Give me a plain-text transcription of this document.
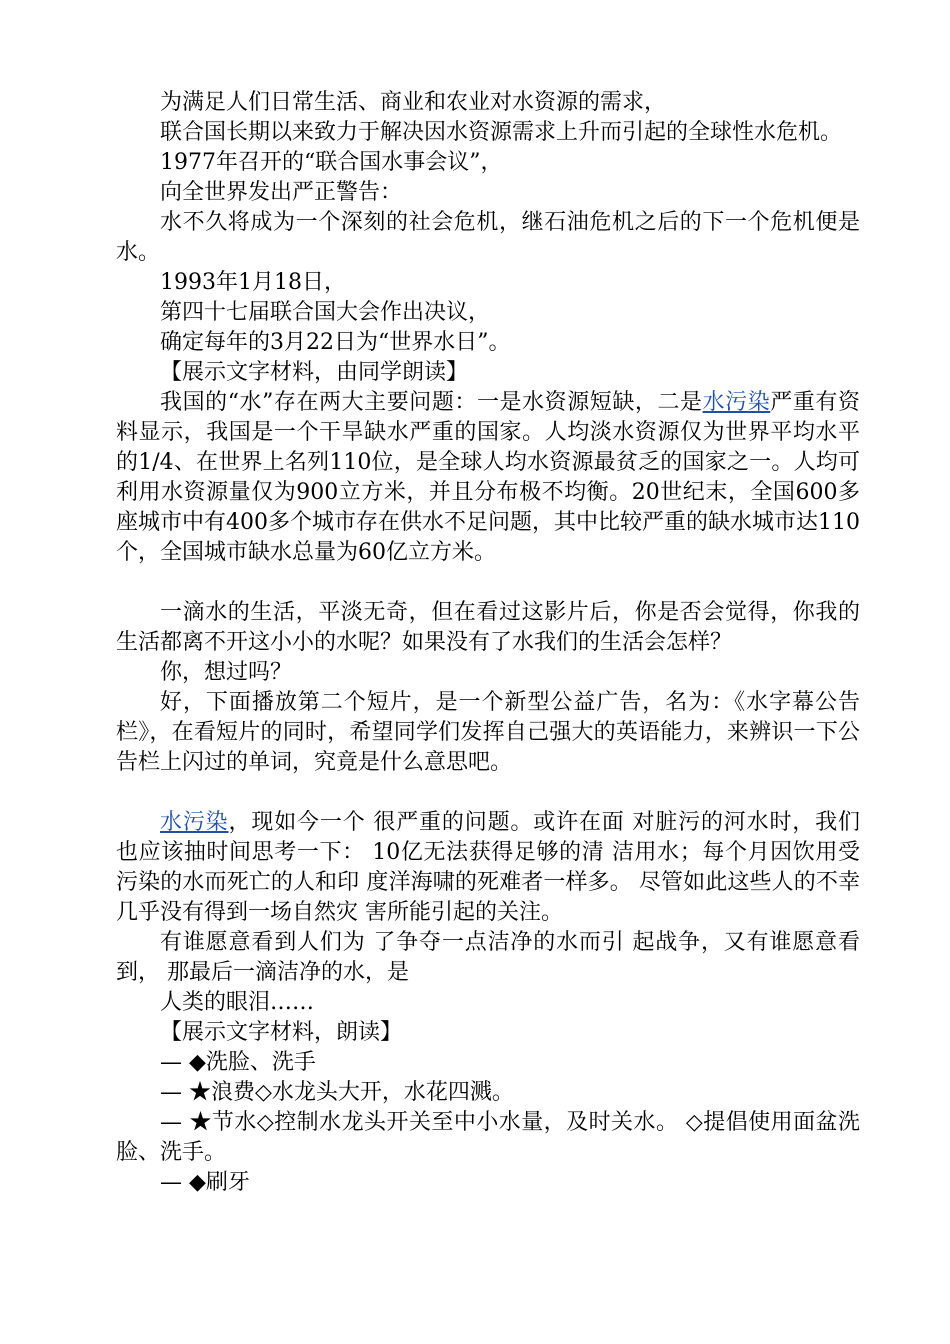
为满足人们日常生活、商业和农业对水资源的需求，

联合国长期以来致力于解决因水资源需求上升而引起的全球性水危机。

1977年召开的“联合国水事会议”，

向全世界发出严正警告：

水不久将成为一个深刻的社会危机，继石油危机之后的下一个危机便是水。

1993年1月18日，

第四十七届联合国大会作出决议，

确定每年的3月22日为“世界水日”。

【展示文字材料，由同学朗读】

我国的“水”存在两大主要问题：一是水资源短缺，二是水污染严重有资料显示，我国是一个干旱缺水严重的国家。人均淡水资源仅为世界平均水平的1/4、在世界上名列110位，是全球人均水资源最贫乏的国家之一。人均可利用水资源量仅为900立方米，并且分布极不均衡。20世纪末，全国600多座城市中有400多个城市存在供水不足问题，其中比较严重的缺水城市达110个，全国城市缺水总量为60亿立方米。

一滴水的生活，平淡无奇，但在看过这影片后，你是否会觉得，你我的生活都离不开这小小的水呢？如果没有了水我们的生活会怎样？

你，想过吗？

好，下面播放第二个短片，是一个新型公益广告，名为：《水字幕公告栏》，在看短片的同时，希望同学们发挥自己强大的英语能力，来辨识一下公告栏上闪过的单词，究竟是什么意思吧。

水污染，现如今一个 很严重的问题。或许在面 对脏污的河水时，我们 也应该抽时间思考一下： 10亿无法获得足够的清 洁用水；每个月因饮用受 污染的水而死亡的人和印 度洋海啸的死难者一样多。 尽管如此这些人的不幸 几乎没有得到一场自然灾 害所能引起的关注。

有谁愿意看到人们为 了争夺一点洁净的水而引 起战争，又有谁愿意看到， 那最后一滴洁净的水，是

人类的眼泪……

【展示文字材料，朗读】

— ◆洗脸、洗手

— ★浪费◇水龙头大开，水花四溅。

— ★节水◇控制水龙头开关至中小水量，及时关水。 ◇提倡使用面盆洗脸、洗手。

— ◆刷牙
